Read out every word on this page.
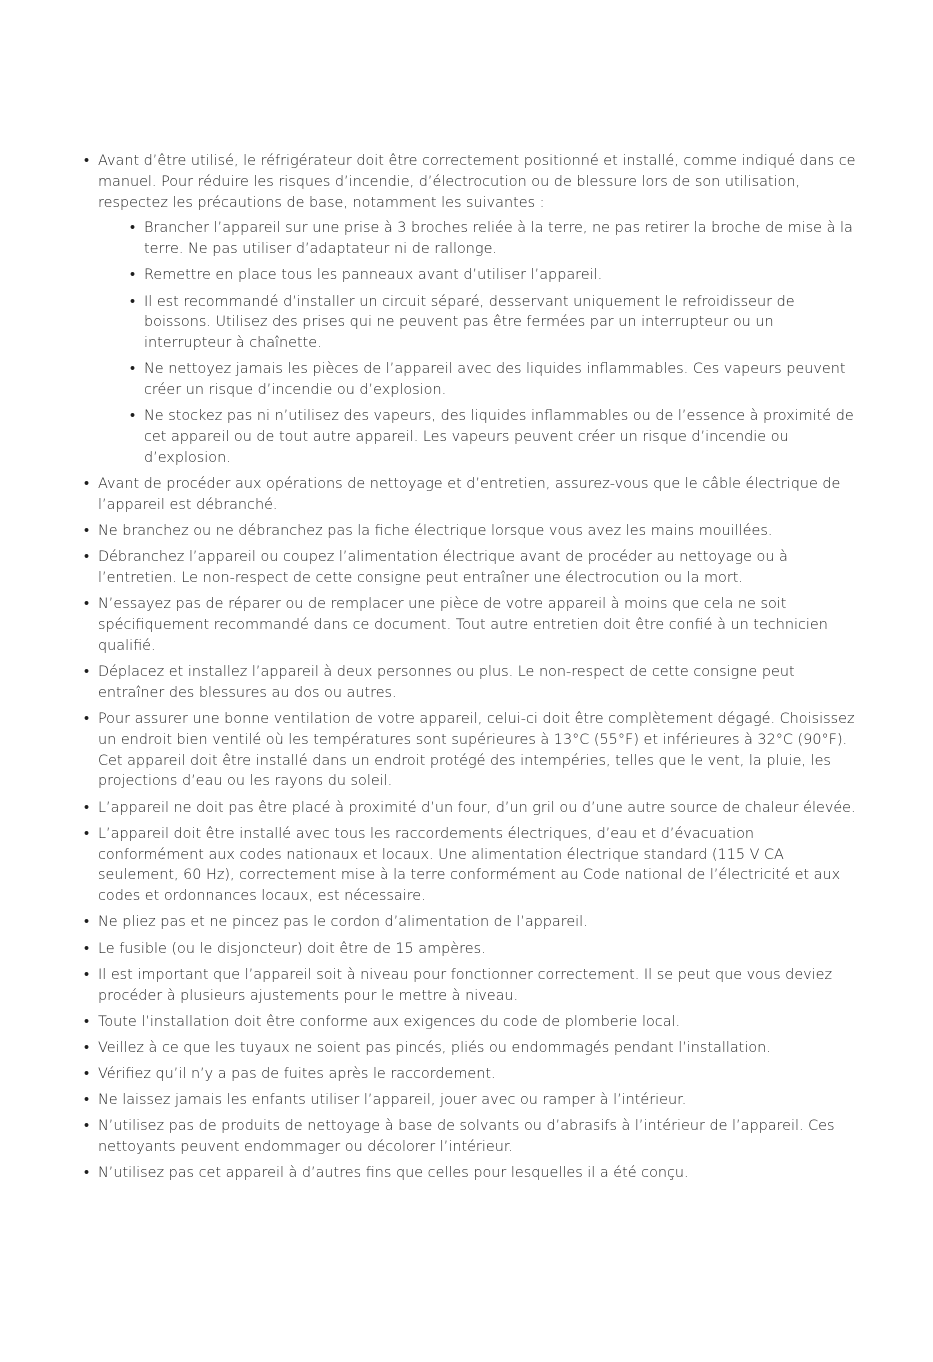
• Avant d’être utilisé, le réfrigérateur doit être correctement positionné et installé, comme indiqué dans ce manuel. Pour réduire les risques d’incendie, d’électrocution ou de blessure lors de son utilisation, respectez les précautions de base, notamment les suivantes :
• Brancher l’appareil sur une prise à 3 broches reliée à la terre, ne pas retirer la broche de mise à la terre. Ne pas utiliser d’adaptateur ni de rallonge.
• Remettre en place tous les panneaux avant d’utiliser l’appareil.
• Il est recommandé d’installer un circuit séparé, desservant uniquement le refroidisseur de boissons. Utilisez des prises qui ne peuvent pas être fermées par un interrupteur ou un interrupteur à chaînette.
• Ne nettoyez jamais les pièces de l’appareil avec des liquides inflammables. Ces vapeurs peuvent créer un risque d’incendie ou d’explosion.
• Ne stockez pas ni n’utilisez des vapeurs, des liquides inflammables ou de l’essence à proximité de cet appareil ou de tout autre appareil. Les vapeurs peuvent créer un risque d’incendie ou d’explosion.
• Avant de procéder aux opérations de nettoyage et d’entretien, assurez-vous que le câble électrique de l’appareil est débranché.
• Ne branchez ou ne débranchez pas la fiche électrique lorsque vous avez les mains mouillées.
• Débranchez l’appareil ou coupez l’alimentation électrique avant de procéder au nettoyage ou à l’entretien. Le non-respect de cette consigne peut entraîner une électrocution ou la mort.
• N’essayez pas de réparer ou de remplacer une pièce de votre appareil à moins que cela ne soit spécifiquement recommandé dans ce document. Tout autre entretien doit être confié à un technicien qualifié.
• Déplacez et installez l’appareil à deux personnes ou plus. Le non-respect de cette consigne peut entraîner des blessures au dos ou autres.
• Pour assurer une bonne ventilation de votre appareil, celui-ci doit être complètement dégagé. Choisissez un endroit bien ventilé où les températures sont supérieures à 13°C (55°F) et inférieures à 32°C (90°F). Cet appareil doit être installé dans un endroit protégé des intempéries, telles que le vent, la pluie, les projections d’eau ou les rayons du soleil.
• L’appareil ne doit pas être placé à proximité d’un four, d’un gril ou d’une autre source de chaleur élevée.
• L’appareil doit être installé avec tous les raccordements électriques, d’eau et d’évacuation conformément aux codes nationaux et locaux. Une alimentation électrique standard (115 V CA seulement, 60 Hz), correctement mise à la terre conformément au Code national de l’électricité et aux codes et ordonnances locaux, est nécessaire.
• Ne pliez pas et ne pincez pas le cordon d’alimentation de l’appareil.
• Le fusible (ou le disjoncteur) doit être de 15 ampères.
• Il est important que l’appareil soit à niveau pour fonctionner correctement. Il se peut que vous deviez procéder à plusieurs ajustements pour le mettre à niveau.
• Toute l’installation doit être conforme aux exigences du code de plomberie local.
• Veillez à ce que les tuyaux ne soient pas pincés, pliés ou endommagés pendant l’installation.
• Vérifiez qu’il n’y a pas de fuites après le raccordement.
• Ne laissez jamais les enfants utiliser l’appareil, jouer avec ou ramper à l’intérieur.
• N’utilisez pas de produits de nettoyage à base de solvants ou d’abrasifs à l’intérieur de l’appareil. Ces nettoyants peuvent endommager ou décolorer l’intérieur.
• N’utilisez pas cet appareil à d’autres fins que celles pour lesquelles il a été conçu.
